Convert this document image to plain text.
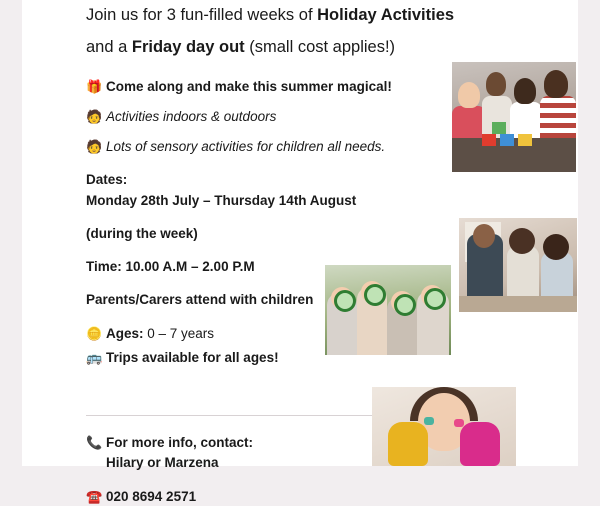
Join us for 3 fun-filled weeks of Holiday Activities
and a Friday day out (small cost applies!)
🎁 Come along and make this summer magical!
🧑 Activities indoors & outdoors
🧑 Lots of sensory activities for children all needs.
Dates:
Monday 28th July – Thursday 14th August
(during the week)
Time: 10.00 A.M – 2.00 P.M
Parents/Carers attend with children
🪙 Ages: 0 – 7 years
🚌 Trips available for all ages!
📞 For more info, contact:
Hilary or Marzena
☎️ 020 8694 2571
